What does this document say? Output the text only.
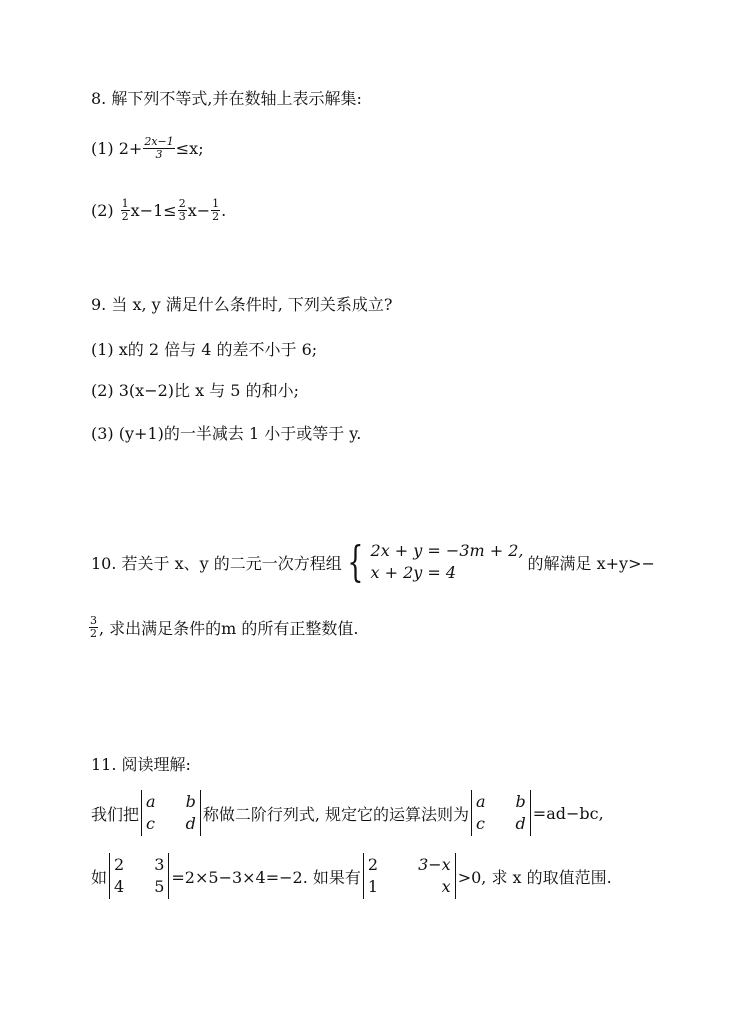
8. 解下列不等式,并在数轴上表示解集:
(1) $2+ \frac{2x-1}{3} \le x$;
$(2) \frac{1}{2} x-1\le \frac{2}{3} x- \frac{1}{2}$ .
9. 当 x, y 满足什么条件时, 下列关系成立?
(1) x的 2 倍与 4 的差不小于 6;
(2) 3(x−2)比 x 与 5 的和小;
(3) (y+1)的一半减去 1 小于或等于 y.
10. 若关于 x、y 的二元一次方程组 { 2x + y = −3m + 2,
x + 2y = 4	的解满足 x+y>−
$\frac{3}{2}$ , 求出满足条件的m 的所有正整数值.
11. 阅读理解:
我们把
a b
c d 称做二阶行列式, 规定它的运算法则为
a b
c d
=ad−bc,
如
2 3
4 5 =2×5−3×4=−2. 如果有
2	3−x
1	x >0, 求 x 的取值范围.
